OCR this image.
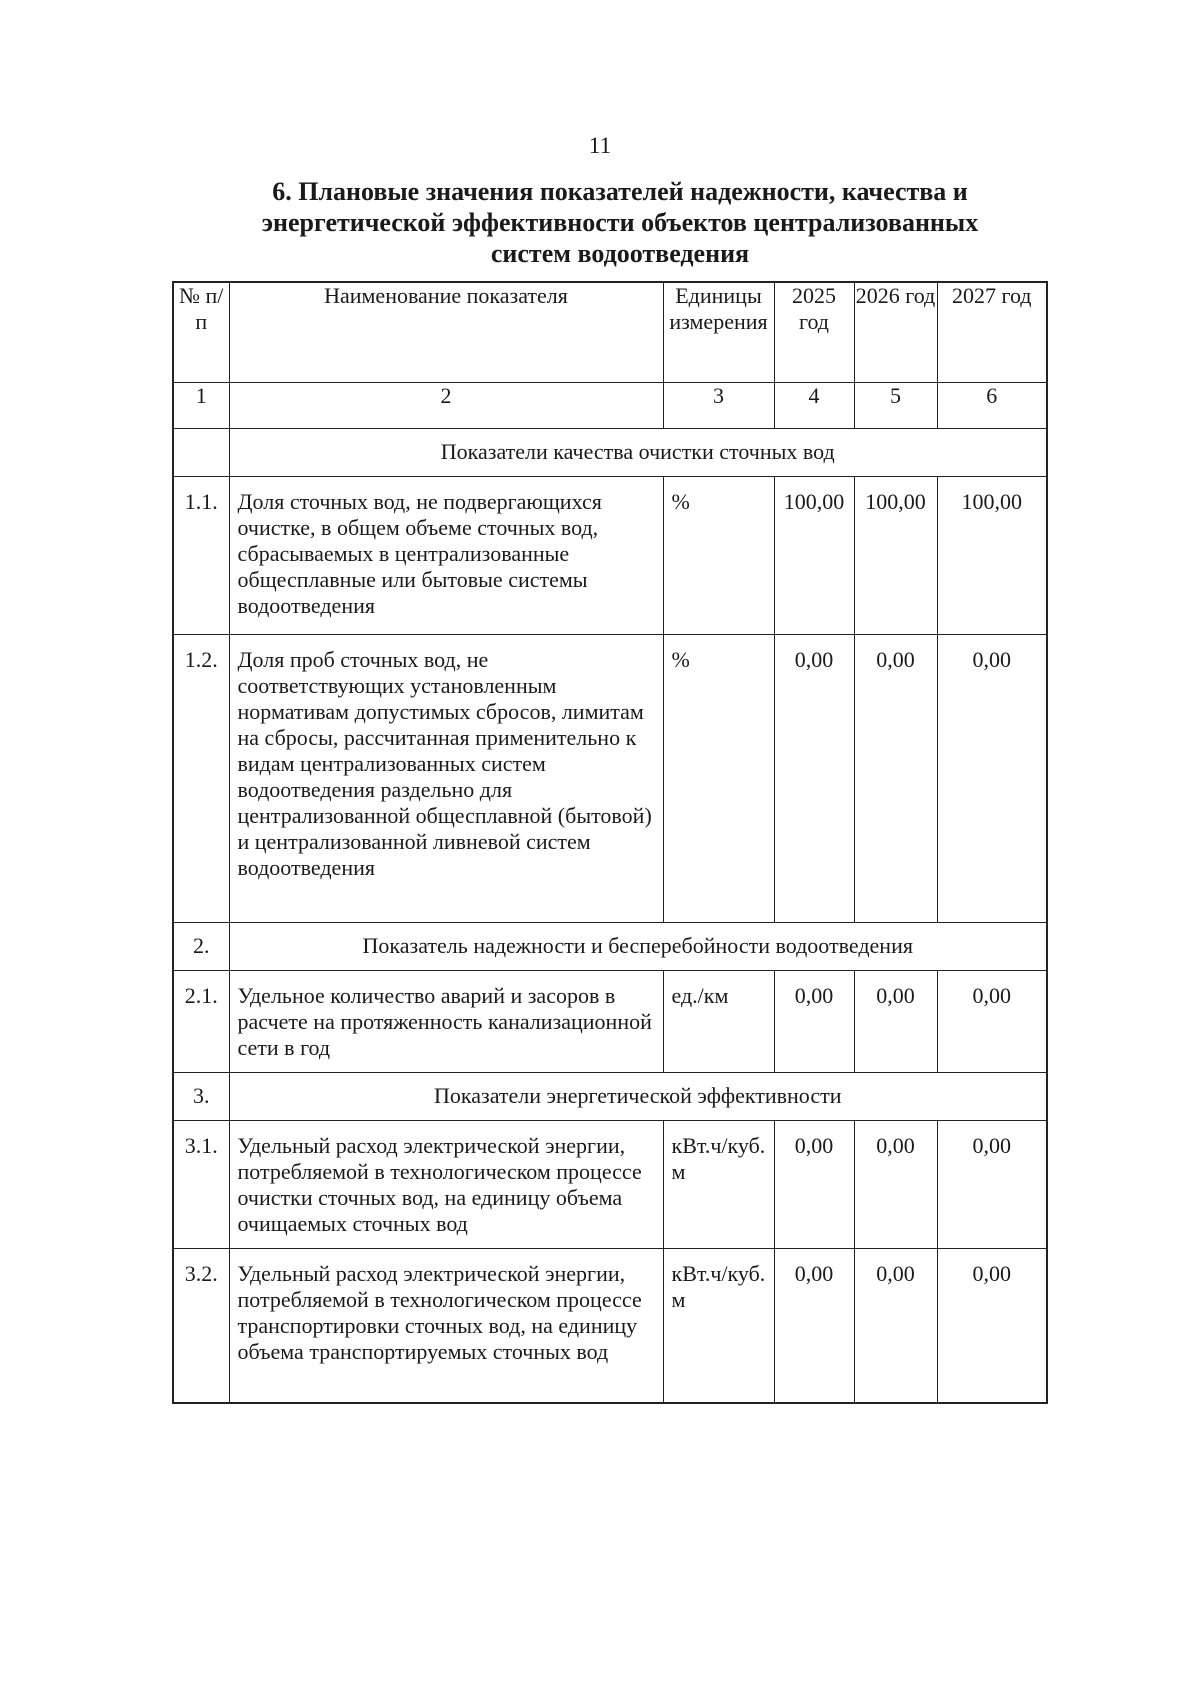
11
6. Плановые значения показателей надежности, качества и
энергетической эффективности объектов централизованных
систем водоотведения
№ п/п	Наименование показателя	Единицы измерения	2025 год	2026 год	2027 год
1	2	3	4	5	6
	Показатели качества очистки сточных вод				
1.1.	Доля сточных вод, не подвергающихся очистке, в общем объеме сточных вод, сбрасываемых в централизованные общесплавные или бытовые системы водоотведения	%	100,00	100,00	100,00
1.2.	Доля проб сточных вод, не соответствующих установленным нормативам допустимых сбросов, лимитам на сбросы, рассчитанная применительно к видам централизованных систем водоотведения раздельно для централизованной общесплавной (бытовой) и централизованной ливневой систем водоотведения	%	0,00	0,00	0,00
2.	Показатель надежности и бесперебойности водоотведения				
2.1.	Удельное количество аварий и засоров в расчете на протяженность канализационной сети в год	ед./км	0,00	0,00	0,00
3.	Показатели энергетической эффективности				
3.1.	Удельный расход электрической энергии, потребляемой в технологическом процессе очистки сточных вод, на единицу объема очищаемых сточных вод	кВт.ч/куб. м	0,00	0,00	0,00
3.2.	Удельный расход электрической энергии, потребляемой в технологическом процессе транспортировки сточных вод, на единицу объема транспортируемых сточных вод	кВт.ч/куб. м	0,00	0,00	0,00
